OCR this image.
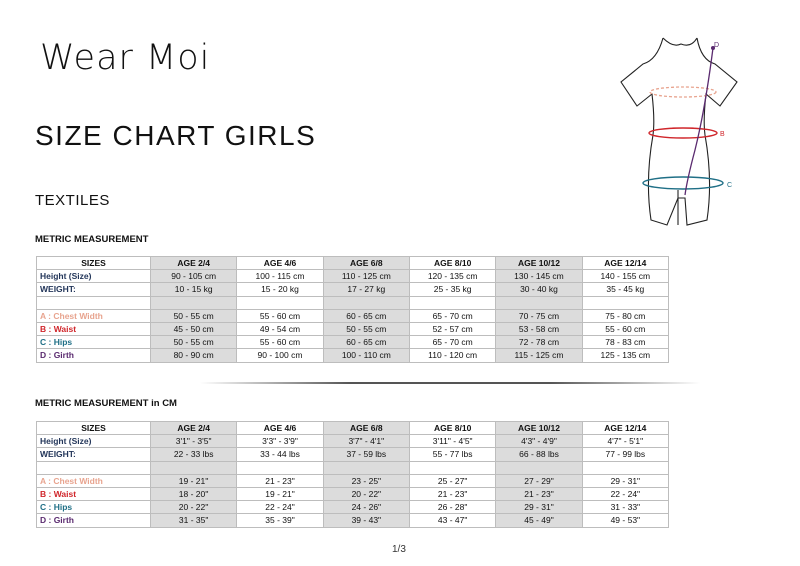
Wear Moi	D
B
C
SIZE CHART GIRLS
TEXTILES
METRIC MEASUREMENT
SIZES	AGE 2/4	AGE 4/6	AGE 6/8	AGE 8/10	AGE 10/12	AGE 12/14
Height (Size)	90 - 105 cm	100 - 115 cm	110 - 125 cm	120 - 135 cm	130 - 145 cm	140 - 155 cm
WEIGHT:	10 - 15 kg	15 - 20 kg	17 - 27 kg	25 - 35 kg	30 - 40 kg	35 - 45 kg

A : Chest Width	50 - 55 cm	55 - 60 cm	60 - 65 cm	65 - 70 cm	70 - 75 cm	75 - 80 cm
B : Waist	45 - 50 cm	49 - 54 cm	50 - 55 cm	52 - 57 cm	53 - 58 cm	55 - 60 cm
C : Hips	50 - 55 cm	55 - 60 cm	60 - 65 cm	65 - 70 cm	72 - 78 cm	78 - 83 cm
D : Girth	80 - 90 cm	90 - 100 cm	100 - 110 cm	110 - 120 cm	115 - 125 cm	125 - 135 cm
METRIC MEASUREMENT in CM
SIZES	AGE 2/4	AGE 4/6	AGE 6/8	AGE 8/10	AGE 10/12	AGE 12/14
Height (Size)	3'1" - 3'5"	3'3" - 3'9"	3'7" - 4'1"	3'11" - 4'5"	4'3" - 4'9"	4'7" - 5'1"
WEIGHT:	22 - 33 lbs	33 - 44 lbs	37 - 59 lbs	55 - 77 lbs	66 - 88 lbs	77 - 99 lbs

A : Chest Width	19 - 21''	21 - 23"	23 - 25"	25 - 27"	27 - 29"	29 - 31"
B : Waist	18 - 20''	19 - 21"	20 - 22"	21 - 23"	21 - 23"	22 - 24"
C : Hips	20 - 22''	22 - 24"	24 - 26"	26 - 28"	29 - 31"	31 - 33"
D : Girth	31 - 35"	35 - 39"	39 - 43"	43 - 47"	45 - 49"	49 - 53"
1/3
